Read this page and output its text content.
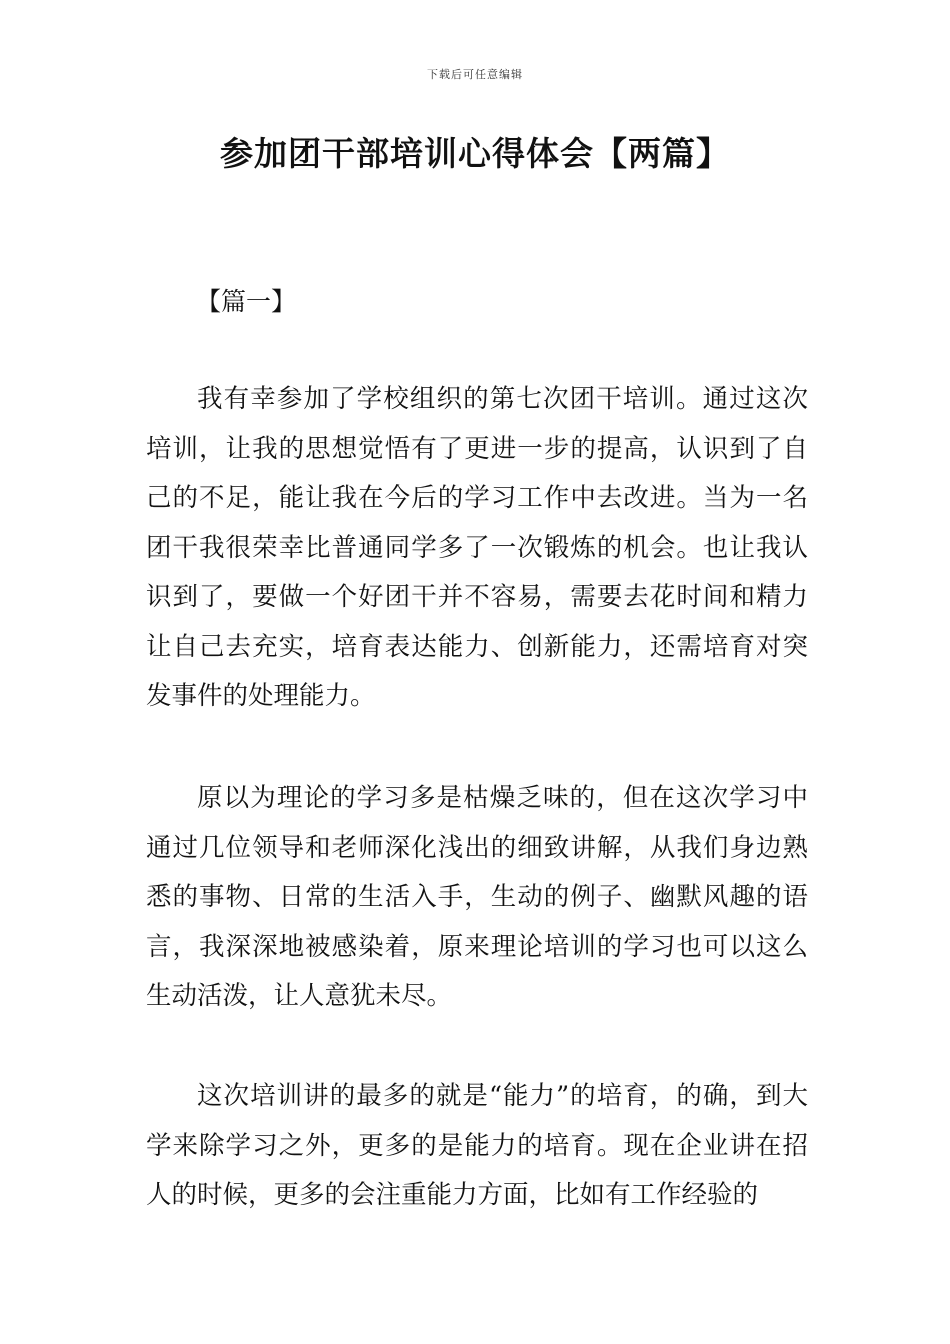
下载后可任意编辑
参加团干部培训心得体会【两篇】

【篇一】

我有幸参加了学校组织的第七次团干培训。通过这次培训，让我的思想觉悟有了更进一步的提高，认识到了自己的不足，能让我在今后的学习工作中去改进。当为一名团干我很荣幸比普通同学多了一次锻炼的机会。也让我认识到了，要做一个好团干并不容易，需要去花时间和精力让自己去充实，培育表达能力、创新能力，还需培育对突发事件的处理能力。

原以为理论的学习多是枯燥乏味的，但在这次学习中通过几位领导和老师深化浅出的细致讲解，从我们身边熟悉的事物、日常的生活入手，生动的例子、幽默风趣的语言，我深深地被感染着，原来理论培训的学习也可以这么生动活泼，让人意犹未尽。

这次培训讲的最多的就是“能力”的培育，的确，到大学来除学习之外，更多的是能力的培育。现在企业讲在招人的时候，更多的会注重能力方面，比如有工作经验的
